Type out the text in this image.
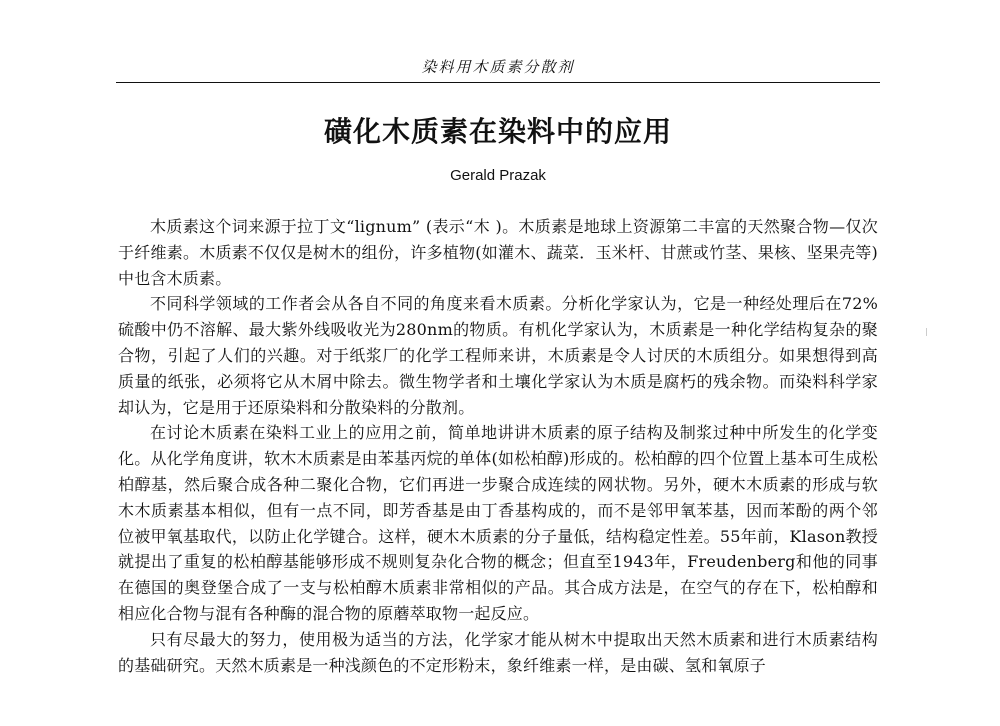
染料用木质素分散剂
磺化木质素在染料中的应用
Gerald Prazak

木质素这个词来源于拉丁文“lignum” (表示“木 )。木质素是地球上资源第二丰富的天然聚合物—仅次于纤维素。木质素不仅仅是树木的组份，许多植物(如灌木、蔬菜．玉米杆、甘蔗或竹茎、果核、坚果壳等)中也含木质素。

不同科学领域的工作者会从各自不同的角度来看木质素。分析化学家认为，它是一种经处理后在72%硫酸中仍不溶解、最大紫外线吸收光为280nm的物质。有机化学家认为，木质素是一种化学结构复杂的聚合物，引起了人们的兴趣。对于纸浆厂的化学工程师来讲，木质素是令人讨厌的木质组分。如果想得到高质量的纸张，必须将它从木屑中除去。微生物学者和土壤化学家认为木质是腐朽的残余物。而染料科学家却认为，它是用于还原染料和分散染料的分散剂。

在讨论木质素在染料工业上的应用之前，简单地讲讲木质素的原子结构及制浆过种中所发生的化学变化。从化学角度讲，软木木质素是由苯基丙烷的单体(如松柏醇)形成的。松柏醇的四个位置上基本可生成松柏醇基，然后聚合成各种二聚化合物，它们再进一步聚合成连续的网状物。另外，硬木木质素的形成与软木木质素基本相似，但有一点不同，即芳香基是由丁香基构成的，而不是邻甲氧苯基，因而苯酚的两个邻位被甲氧基取代，以防止化学键合。这样，硬木木质素的分子量低，结构稳定性差。55年前，Klason教授就提出了重复的松柏醇基能够形成不规则复杂化合物的概念；但直至1943年，Freudenberg和他的同事在德国的奥登堡合成了一支与松柏醇木质素非常相似的产品。其合成方法是，在空气的存在下，松柏醇和相应化合物与混有各种酶的混合物的原蘑萃取物一起反应。

只有尽最大的努力，使用极为适当的方法，化学家才能从树木中提取出天然木质素和进行木质素结构的基础研究。天然木质素是一种浅颜色的不定形粉末，象纤维素一样，是由碳、氢和氧原子
